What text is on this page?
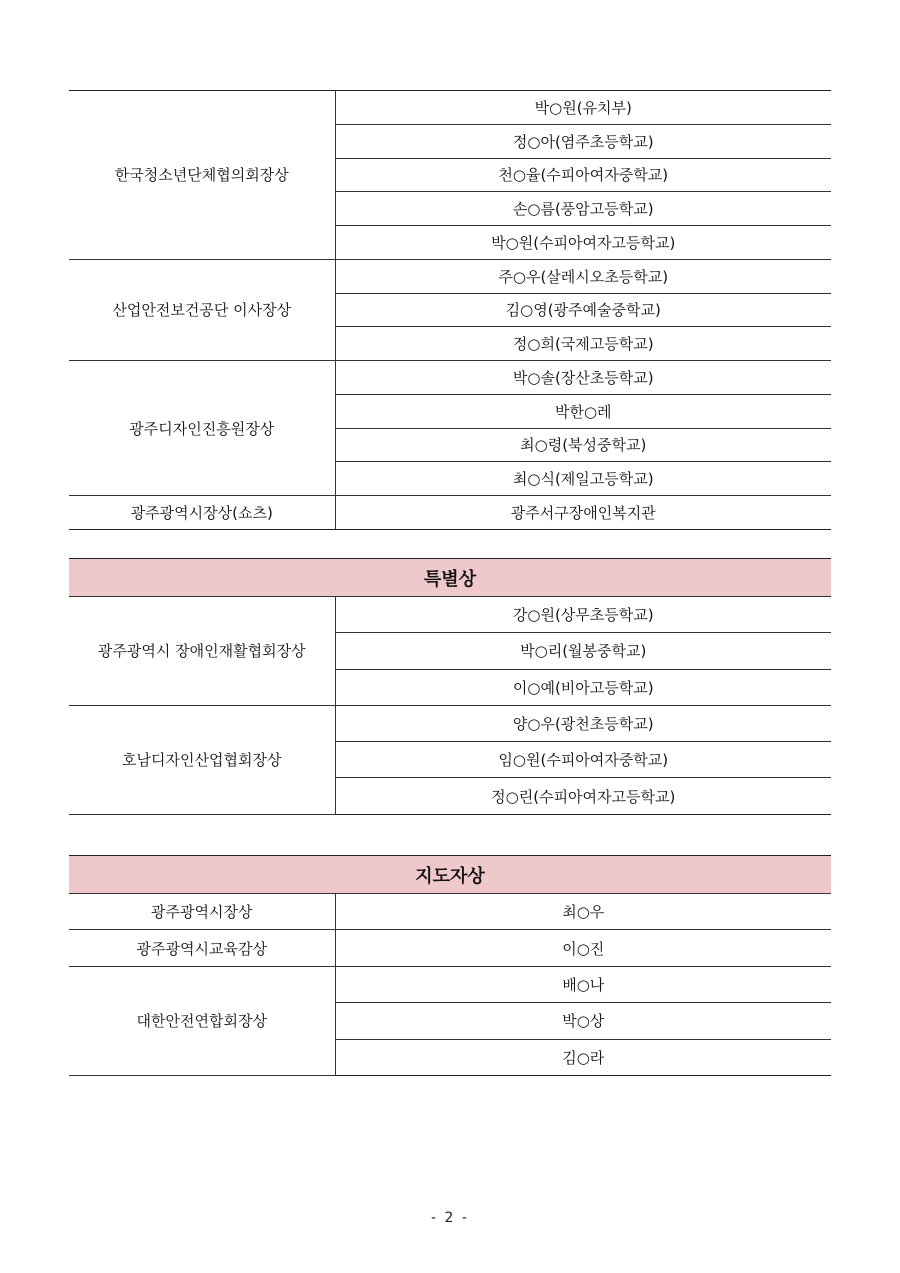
한국청소년단체협의회장상	박○원(유치부)
	정○아(염주초등학교)
	천○율(수피아여자중학교)
	손○름(풍암고등학교)
	박○원(수피아여자고등학교)
산업안전보건공단 이사장상	주○우(살레시오초등학교)
	김○영(광주예술중학교)
	정○희(국제고등학교)
광주디자인진흥원장상	박○솔(장산초등학교)
	박한○레
	최○령(북성중학교)
	최○식(제일고등학교)
광주광역시장상(쇼츠)	광주서구장애인복지관
특별상	
광주광역시 장애인재활협회장상	강○원(상무초등학교)
	박○리(월봉중학교)
	이○예(비아고등학교)
호남디자인산업협회장상	양○우(광천초등학교)
	임○원(수피아여자중학교)
	정○린(수피아여자고등학교)
지도자상	
광주광역시장상	최○우
광주광역시교육감상	이○진
대한안전연합회장상	배○나
	박○상
	김○라
- 2 -
